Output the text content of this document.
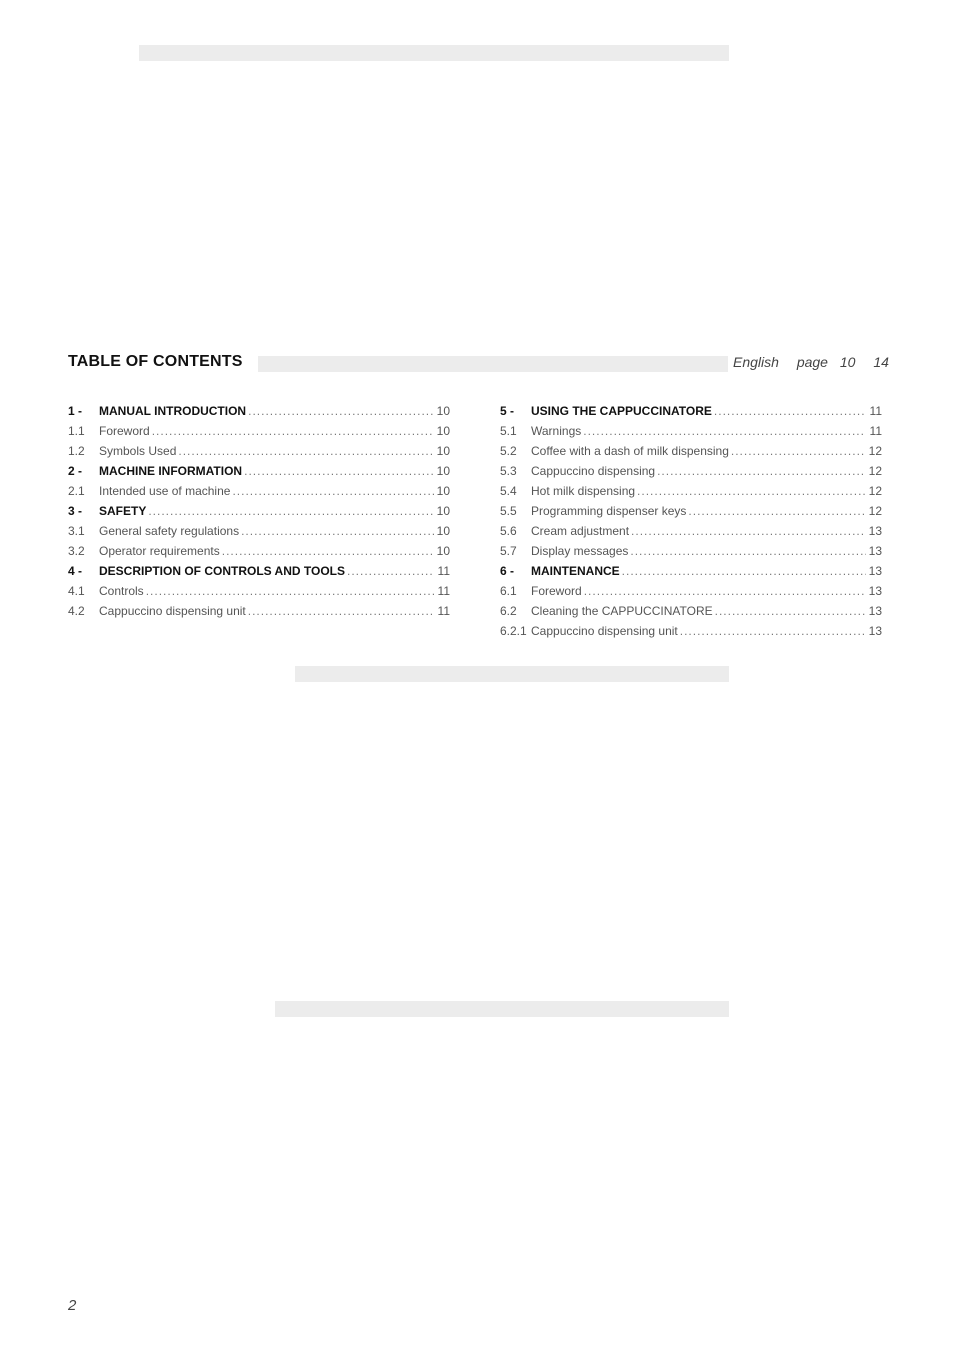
TABLE OF CONTENTS	English page 10 14
1 -	MANUAL INTRODUCTION .....	10
1.1	Foreword .....	10
1.2	Symbols Used .....	10
2 -	MACHINE INFORMATION .....	10
2.1	Intended use of machine .....	10
3 -	SAFETY .....	10
3.1	General safety regulations .....	10
3.2	Operator requirements .....	10
4 -	DESCRIPTION OF CONTROLS AND TOOLS .....	11
4.1	Controls .....	11
4.2	Cappuccino dispensing unit .....	11
5 -	USING THE CAPPUCCINATORE .....	11
5.1	Warnings .....	11
5.2	Coffee with a dash of milk dispensing .....	12
5.3	Cappuccino dispensing .....	12
5.4	Hot milk dispensing .....	12
5.5	Programming dispenser keys .....	12
5.6	Cream adjustment .....	13
5.7	Display messages .....	13
6 -	MAINTENANCE .....	13
6.1	Foreword .....	13
6.2	Cleaning the CAPPUCCINATORE .....	13
6.2.1 Cappuccino dispensing unit .....	13
2
